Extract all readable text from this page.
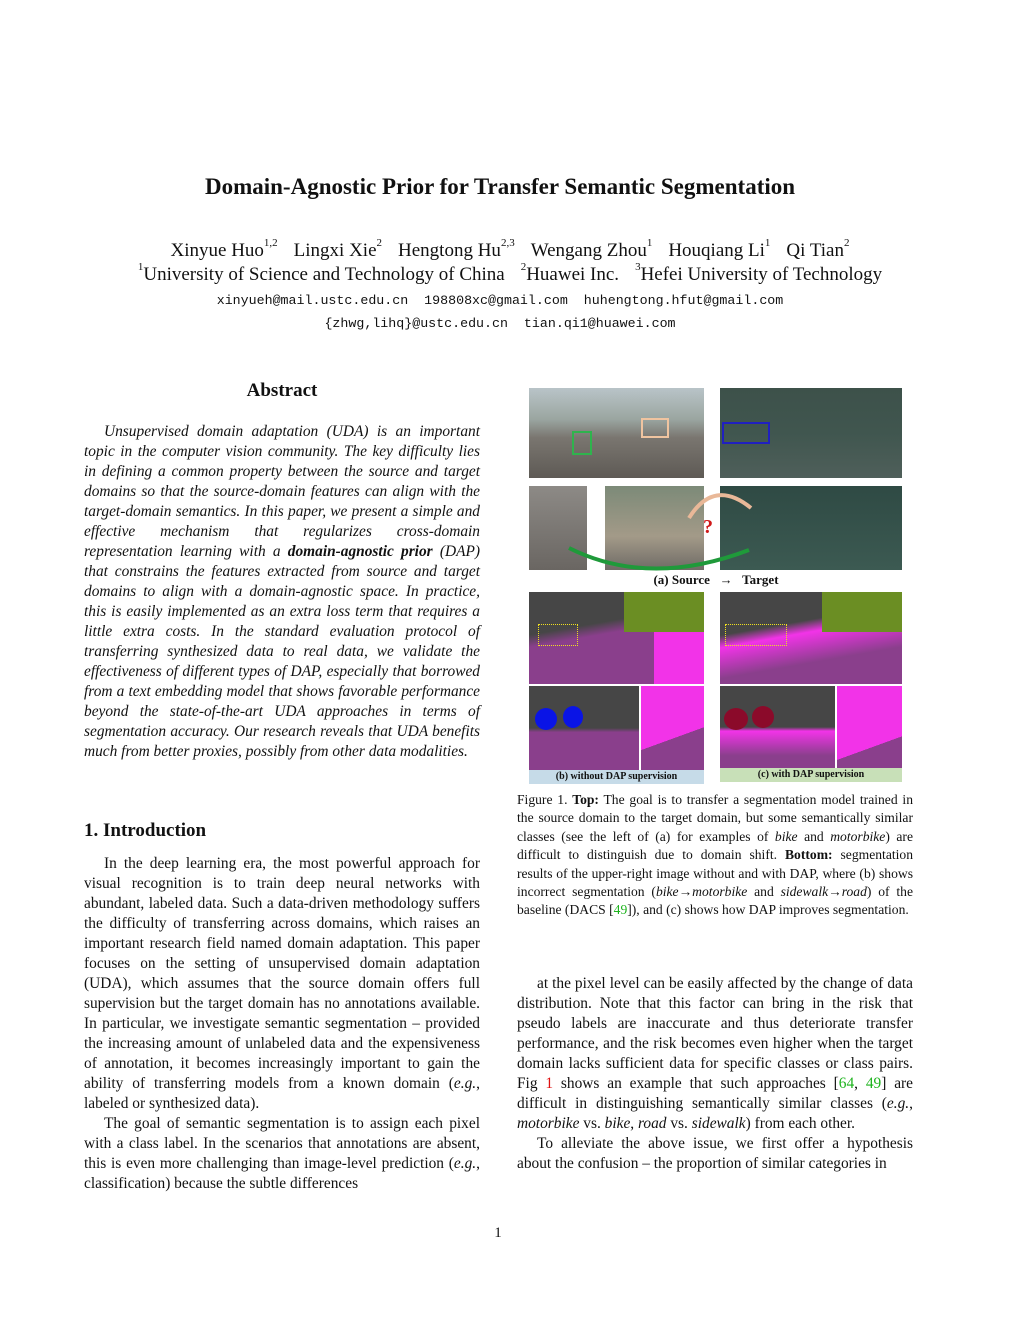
Domain-Agnostic Prior for Transfer Semantic Segmentation
Xinyue Huo$^{1,2}$ Lingxi Xie$^2$ Hengtong Hu$^{2,3}$ Wengang Zhou$^1$ Houqiang Li$^1$ Qi Tian$^2$
$^1$University of Science and Technology of China $^2$Huawei Inc. $^3$Hefei University of Technology
xinyueh@mail.ustc.edu.cn  198808xc@gmail.com  huhengtong.hfut@gmail.com
{zhwg,lihq}@ustc.edu.cn  tian.qi1@huawei.com
Abstract

Unsupervised domain adaptation (UDA) is an important topic in the computer vision community. The key difficulty lies in defining a common property between the source and target domains so that the source-domain features can align with the target-domain semantics. In this paper, we present a simple and effective mechanism that regularizes cross-domain representation learning with a domain-agnostic prior (DAP) that constrains the features extracted from source and target domains to align with a domain-agnostic space. In practice, this is easily implemented as an extra loss term that requires a little extra costs. In the standard evaluation protocol of transferring synthesized data to real data, we validate the effectiveness of different types of DAP, especially that borrowed from a text embedding model that shows favorable performance beyond the state-of-the-art UDA approaches in terms of segmentation accuracy. Our research reveals that UDA benefits much from better proxies, possibly from other data modalities.

1. Introduction

In the deep learning era, the most powerful approach for visual recognition is to train deep neural networks with abundant, labeled data. Such a data-driven methodology suffers the difficulty of transferring across domains, which raises an important research field named domain adaptation. This paper focuses on the setting of unsupervised domain adaptation (UDA), which assumes that the source domain offers full supervision but the target domain has no annotations available. In particular, we investigate semantic segmentation – provided the increasing amount of unlabeled data and the expensiveness of annotation, it becomes increasingly important to gain the ability of transferring models from a known domain (e.g., labeled or synthesized data).

The goal of semantic segmentation is to assign each pixel with a class label. In the scenarios that annotations are absent, this is even more challenging than image-level prediction (e.g., classification) because the subtle differences

at the pixel level can be easily affected by the change of data distribution. Note that this factor can bring in the risk that pseudo labels are inaccurate and thus deteriorate transfer performance, and the risk becomes even higher when the target domain lacks sufficient data for specific classes or class pairs. Fig 1 shows an example that such approaches [64, 49] are difficult in distinguishing semantically similar classes (e.g., motorbike vs. bike, road vs. sidewalk) from each other.

To alleviate the above issue, we first offer a hypothesis about the confusion – the proportion of similar categories in

?
(a) Source → Target
(b) without DAP supervision	(c) with DAP supervision

Figure 1. Top: The goal is to transfer a segmentation model trained in the source domain to the target domain, but some semantically similar classes (see the left of (a) for examples of bike and motorbike) are difficult to distinguish due to domain shift. Bottom: segmentation results of the upper-right image without and with DAP, where (b) shows incorrect segmentation (bike→motorbike and sidewalk→road) of the baseline (DACS [49]), and (c) shows how DAP improves segmentation.

1
